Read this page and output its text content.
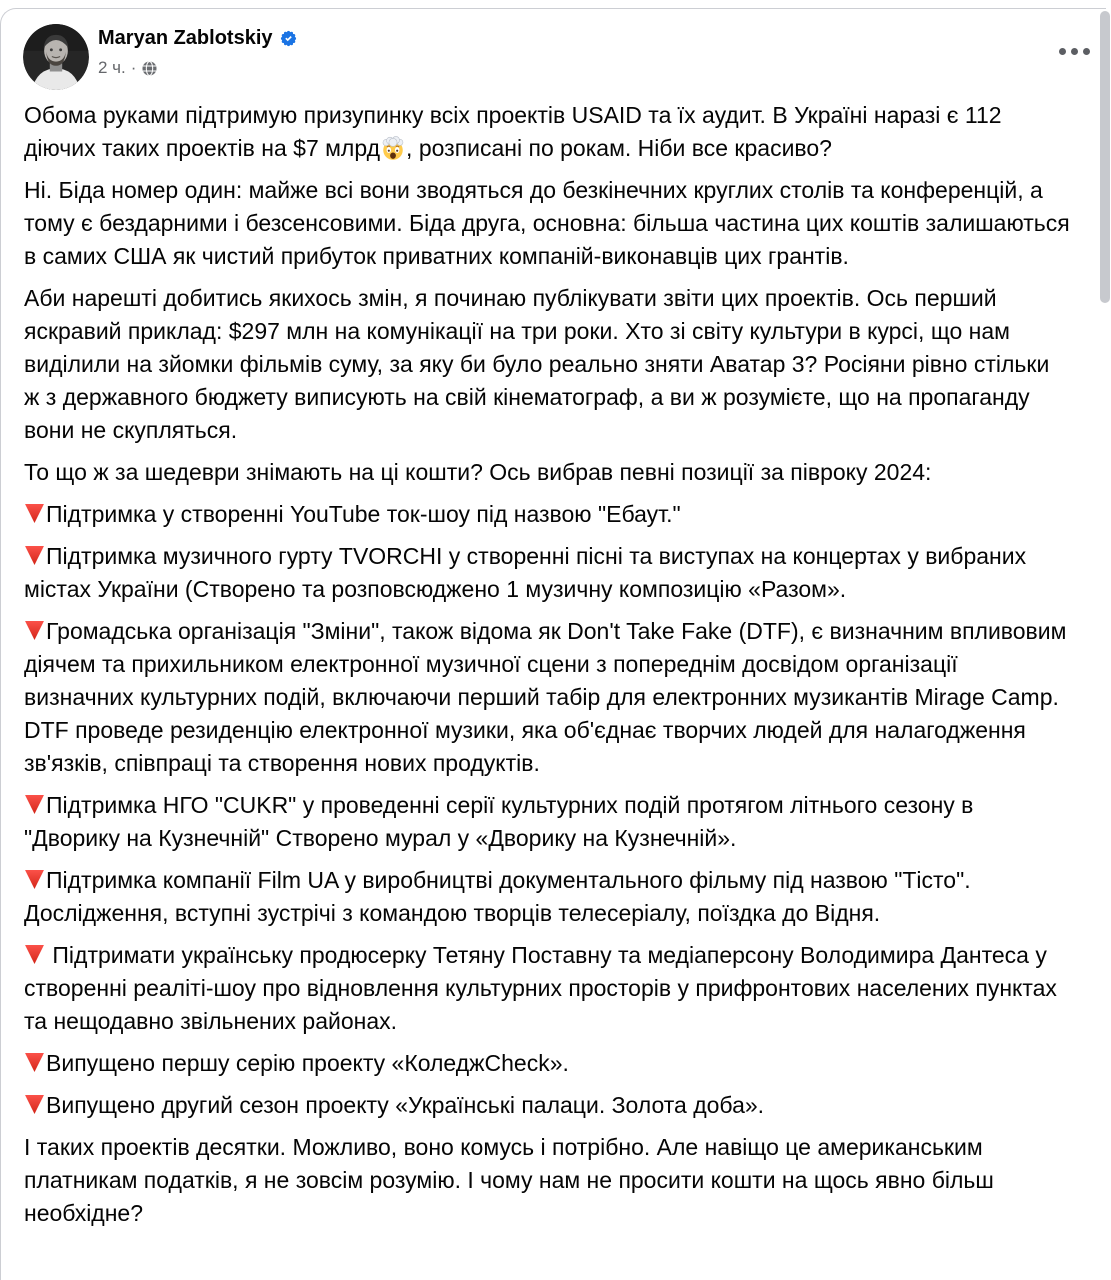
Maryan Zablotskiy
2 ч. ·

Обома руками підтримую призупинку всіх проектів USAID та їх аудит. В Україні наразі є 112 діючих таких проектів на $7 млрд , розписані по рокам. Ніби все красиво?

Ні. Біда номер один: майже всі вони зводяться до безкінечних круглих столів та конференцій, а тому є бездарними і безсенсовими. Біда друга, основна: більша частина цих коштів залишаються в самих США як чистий прибуток приватних компаній-виконавців цих грантів.

Аби нарешті добитись якихось змін, я починаю публікувати звіти цих проектів. Ось перший яскравий приклад: $297 млн на комунікації на три роки. Хто зі світу культури в курсі, що нам виділили на зйомки фільмів суму, за яку би було реально зняти Аватар 3? Росіяни рівно стільки ж з державного бюджету виписують на свій кінематограф, а ви ж розумієте, що на пропаганду вони не скупляться.

То що ж за шедеври знімають на ці кошти? Ось вибрав певні позиції за півроку 2024:

Підтримка у створенні YouTube ток-шоу під назвою "Ебаут."

Підтримка музичного гурту TVORCHI у створенні пісні та виступах на концертах у вибраних містах України (Створено та розповсюджено 1 музичну композицію «Разом».

Громадська організація "Зміни", також відома як Don't Take Fake (DTF), є визначним впливовим діячем та прихильником електронної музичної сцени з попереднім досвідом організації визначних культурних подій, включаючи перший табір для електронних музикантів Mirage Camp. DTF проведе резиденцію електронної музики, яка об'єднає творчих людей для налагодження зв'язків, співпраці та створення нових продуктів.

Підтримка НГО "CUKR" у проведенні серії культурних подій протягом літнього сезону в "Дворику на Кузнечній" Створено мурал у «Дворику на Кузнечній».

Підтримка компанії Film UA у виробництві документального фільму під назвою "Тісто". Дослідження, вступні зустрічі з командою творців телесеріалу, поїздка до Відня.

Підтримати українську продюсерку Тетяну Поставну та медіаперсону Володимира Дантеса у створенні реаліті-шоу про відновлення культурних просторів у прифронтових населених пунктах та нещодавно звільнених районах.

Випущено першу серію проекту «КоледжCheck».

Випущено другий сезон проекту «Українські палаци. Золота доба».

І таких проектів десятки. Можливо, воно комусь і потрібно. Але навіщо це американським платникам податків, я не зовсім розумію. І чому нам не просити кошти на щось явно більш необхідне?
